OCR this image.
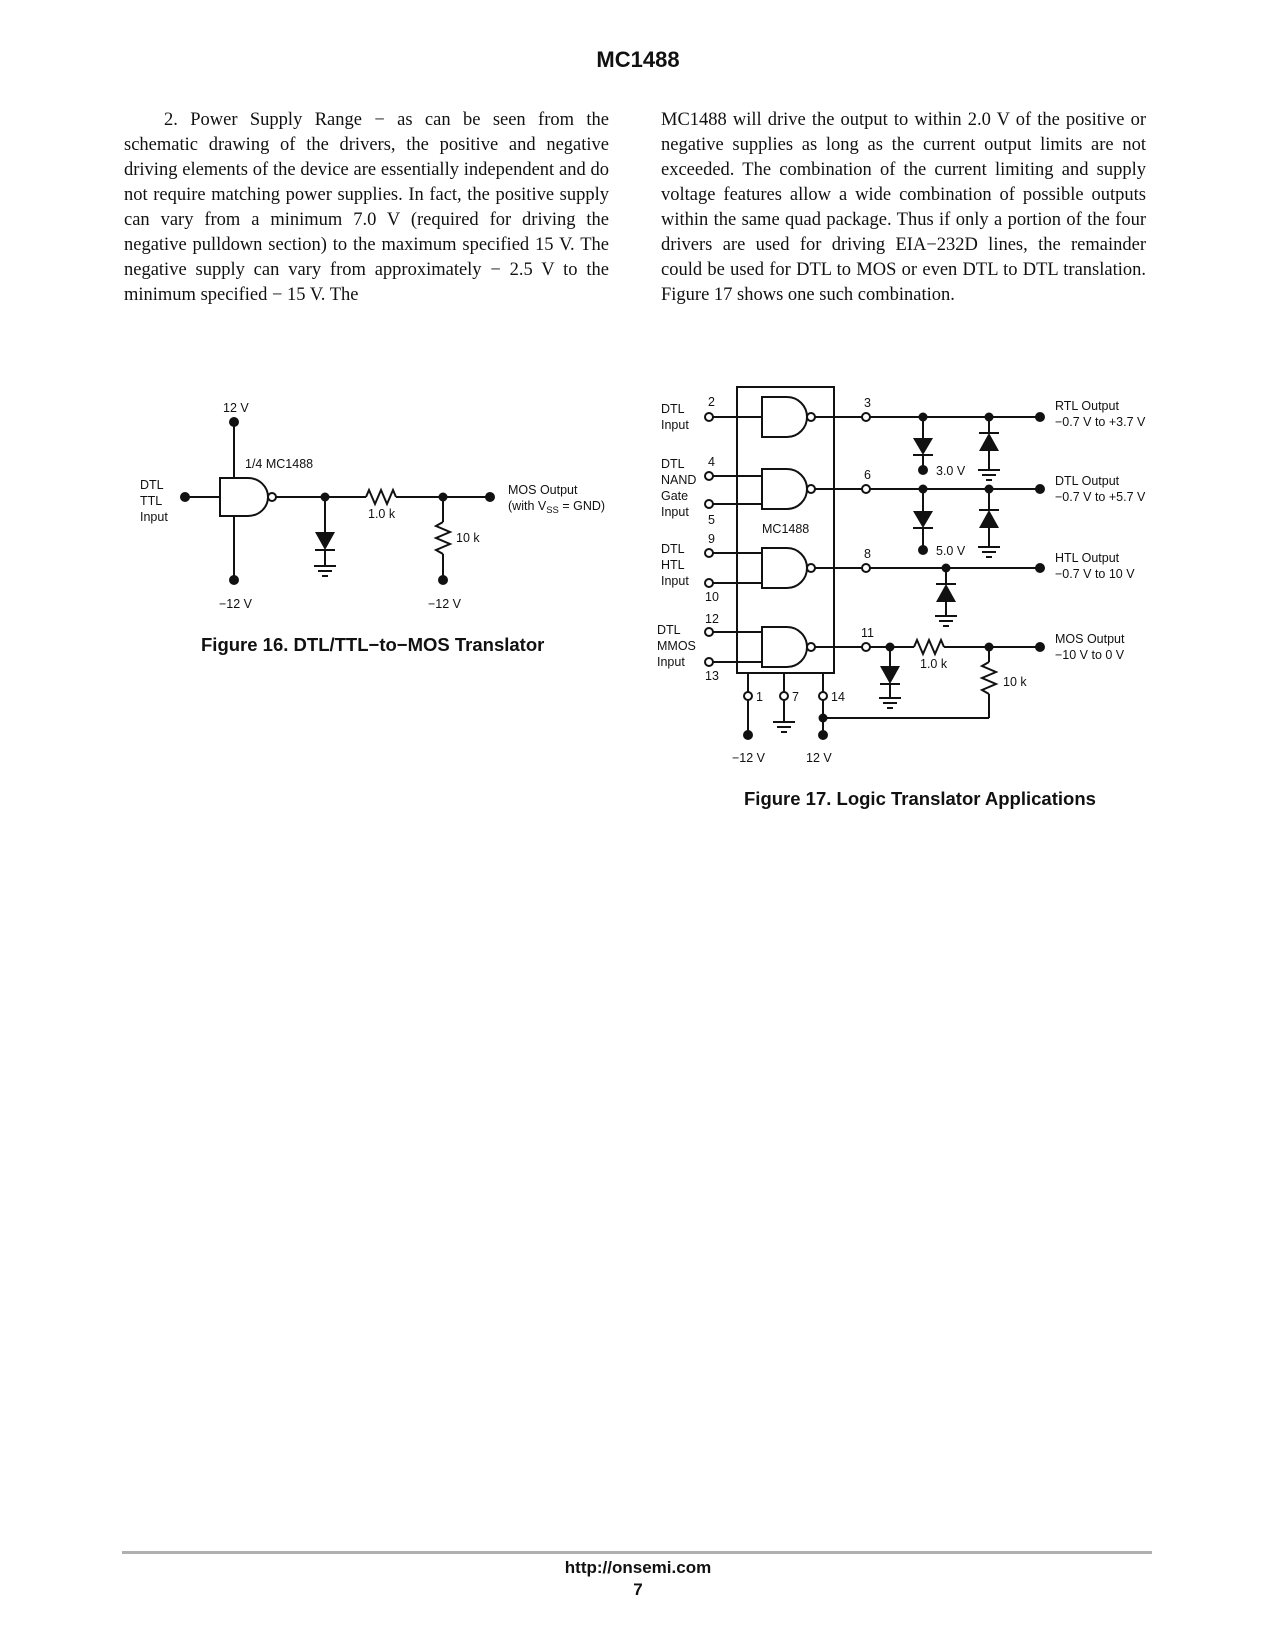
MC1488

2. Power Supply Range − as can be seen from the schematic drawing of the drivers, the positive and negative driving elements of the device are essentially independent and do not require matching power supplies. In fact, the positive supply can vary from a minimum 7.0 V (required for driving the negative pulldown section) to the maximum specified 15 V. The negative supply can vary from approximately − 2.5 V to the minimum specified − 15 V. The

MC1488 will drive the output to within 2.0 V of the positive or negative supplies as long as the current output limits are not exceeded. The combination of the current limiting and supply voltage features allow a wide combination of possible outputs within the same quad package. Thus if only a portion of the four drivers are used for driving EIA−232D lines, the remainder could be used for DTL to MOS or even DTL to DTL translation. Figure 17 shows one such combination.

12 V
1/4 MC1488
DTL
TTL
Input	1.0 k
10 k
MOS Output
(with $V_{SS} = GND$)
−12 V	−12 V
Figure 16. DTL/TTL−to−MOS Translator
DTL
Input
DTL
NAND
Gate
Input
DTL
HTL
Input
DTL
MMOS
Input
2
4
5
9
10
12
13
3
6
8
11
1 7	14
MC1488
3.0 V
5.0 V
1.0 k
10 k
−12 V	12 V
RTL Output
−0.7 V to +3.7 V
DTL Output
−0.7 V to +5.7 V
HTL Output
−0.7 V to 10 V
MOS Output
−10 V to 0 V
Figure 17. Logic Translator Applications
http://onsemi.com
7
